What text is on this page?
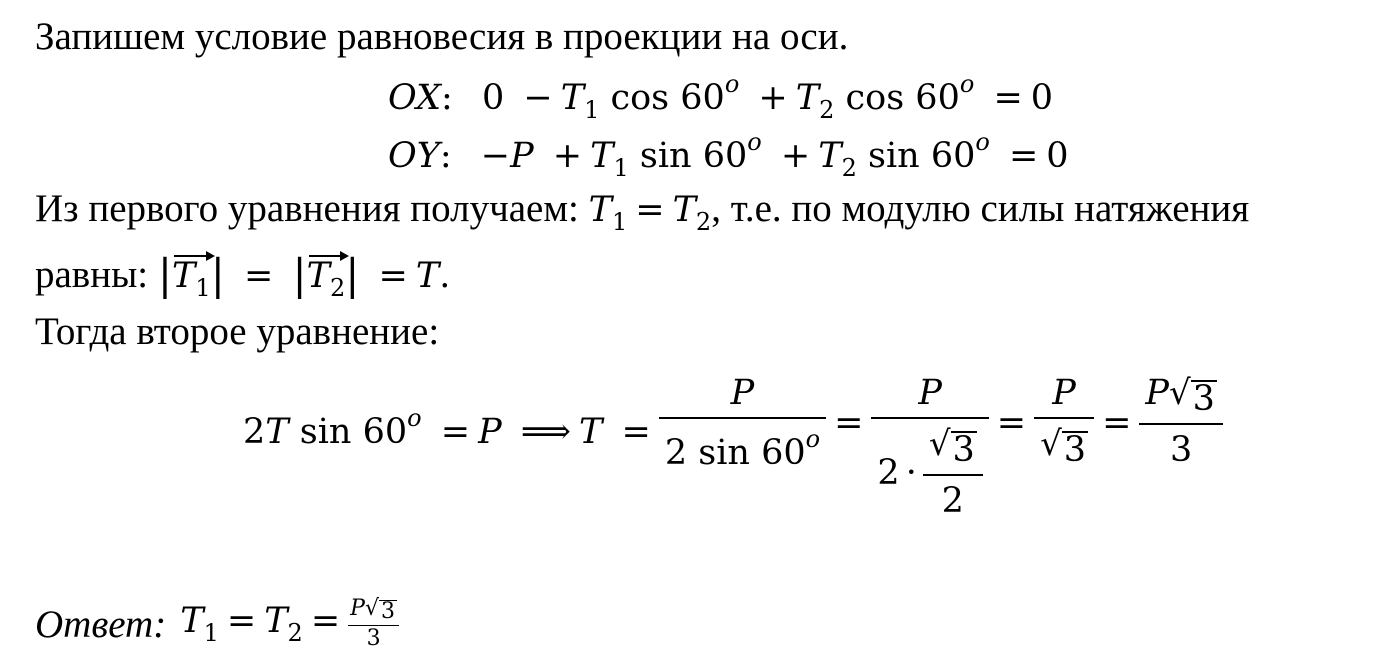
Запишем условие равновесия в проекции на оси.
OX: $0 - T_1$ $\cos 60^o + T_2$ $\cos 60^o = 0$
OY: $-P + T_1$ $\sin 60^o + T_2$ $\sin 60^o = 0$
Из первого уравнения получаем: $T_1 = T_2$, т.е. по модулю силы натяжения
равны: |
$T_1|$ = |
$T_2| = T$.
Тогда второе уравнение:
2T $\sin 60^o = P$ ⟹ $T = \frac{P}{2 \sin 60^o} = \frac{P}{2 \cdot \frac{√ 3}{2}} = \frac{P}{√ 3} = \frac{P √ 3}{3}$
Ответ: $T_1 = T_2 = \frac{P √ 3}{3}$
